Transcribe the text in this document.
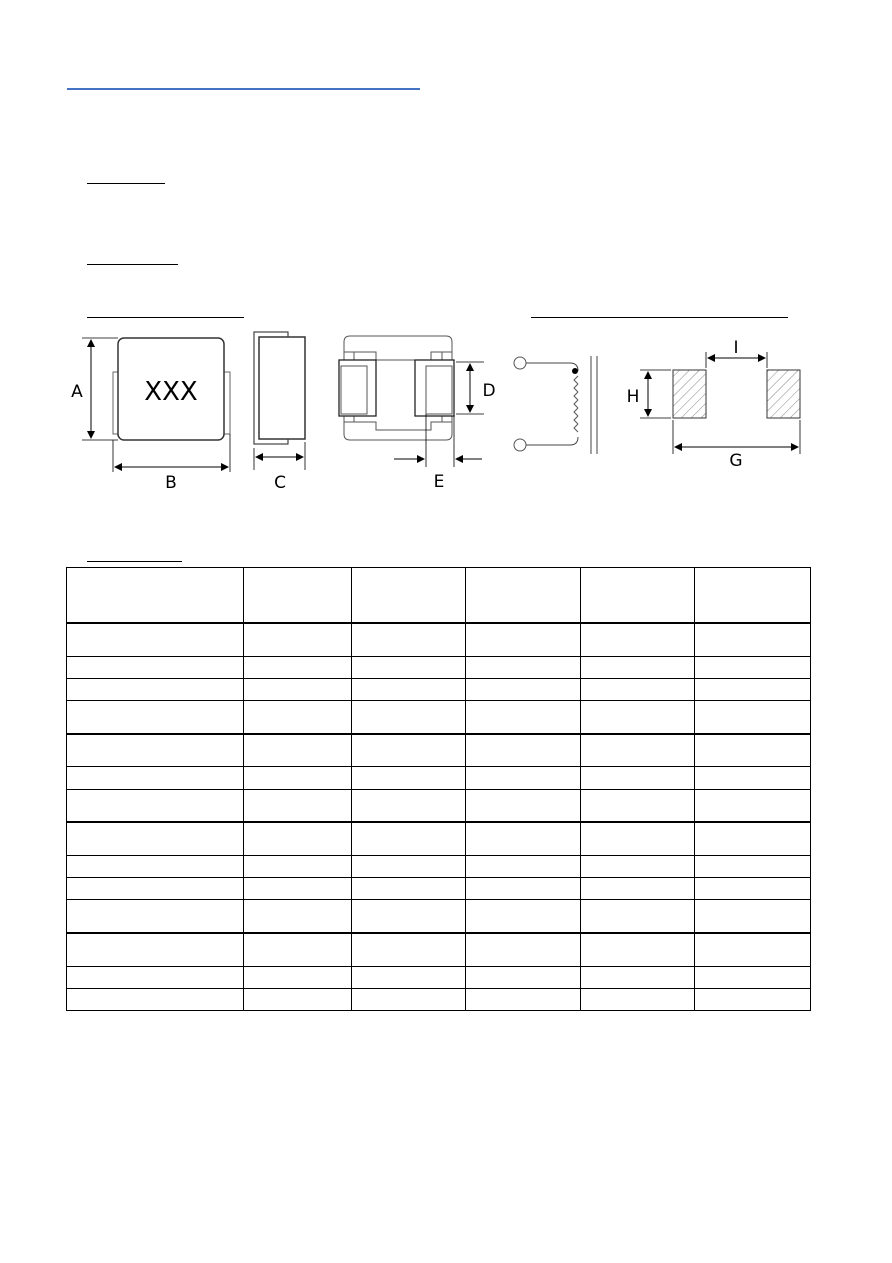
XXX
A
B	C
D
E
I
H
G
